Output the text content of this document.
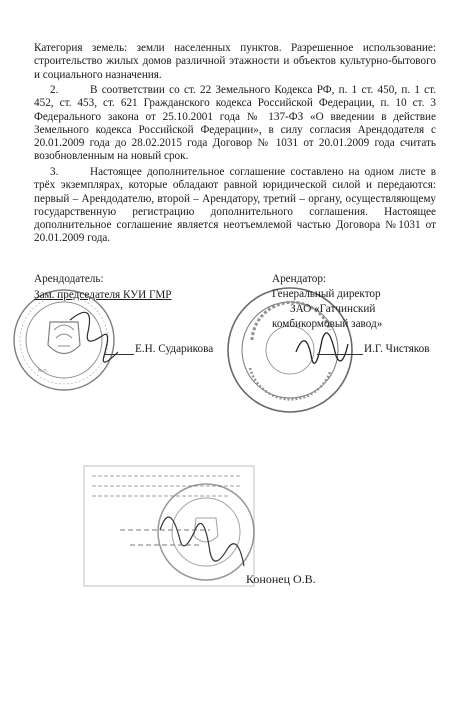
Категория земель: земли населенных пунктов. Разрешенное использование: строительство жилых домов различной этажности и объектов культурно-бытового и социального назначения.
2.	В соответствии со ст. 22 Земельного Кодекса РФ, п. 1 ст. 450, п. 1 ст. 452, ст. 453, ст. 621 Гражданского кодекса Российской Федерации, п. 10 ст. 3 Федерального закона от 25.10.2001 года № 137-ФЗ «О введении в действие Земельного кодекса Российской Федерации», в силу согласия Арендодателя с 20.01.2009 года до 28.02.2015 года Договор № 1031 от 20.01.2009 года считать возобновленным на новый срок.
3.	Настоящее дополнительное соглашение составлено на одном листе в трёх экземплярах, которые обладают равной юридической силой и передаются: первый – Арендодателю, второй – Арендатору, третий – органу, осуществляющему государственную регистрацию дополнительного соглашения. Настоящее дополнительное соглашение является неотъемлемой частью Договора №1031 от 20.01.2009 года.
м.п.
Арендодатель:
Зам. председателя КУИ ГМР
Е.Н. Сударикова
Арендатор:
Генеральный директор
ЗАО «Гатчинский
комбикормовый завод»
И.Г. Чистяков
Кононец О.В.
